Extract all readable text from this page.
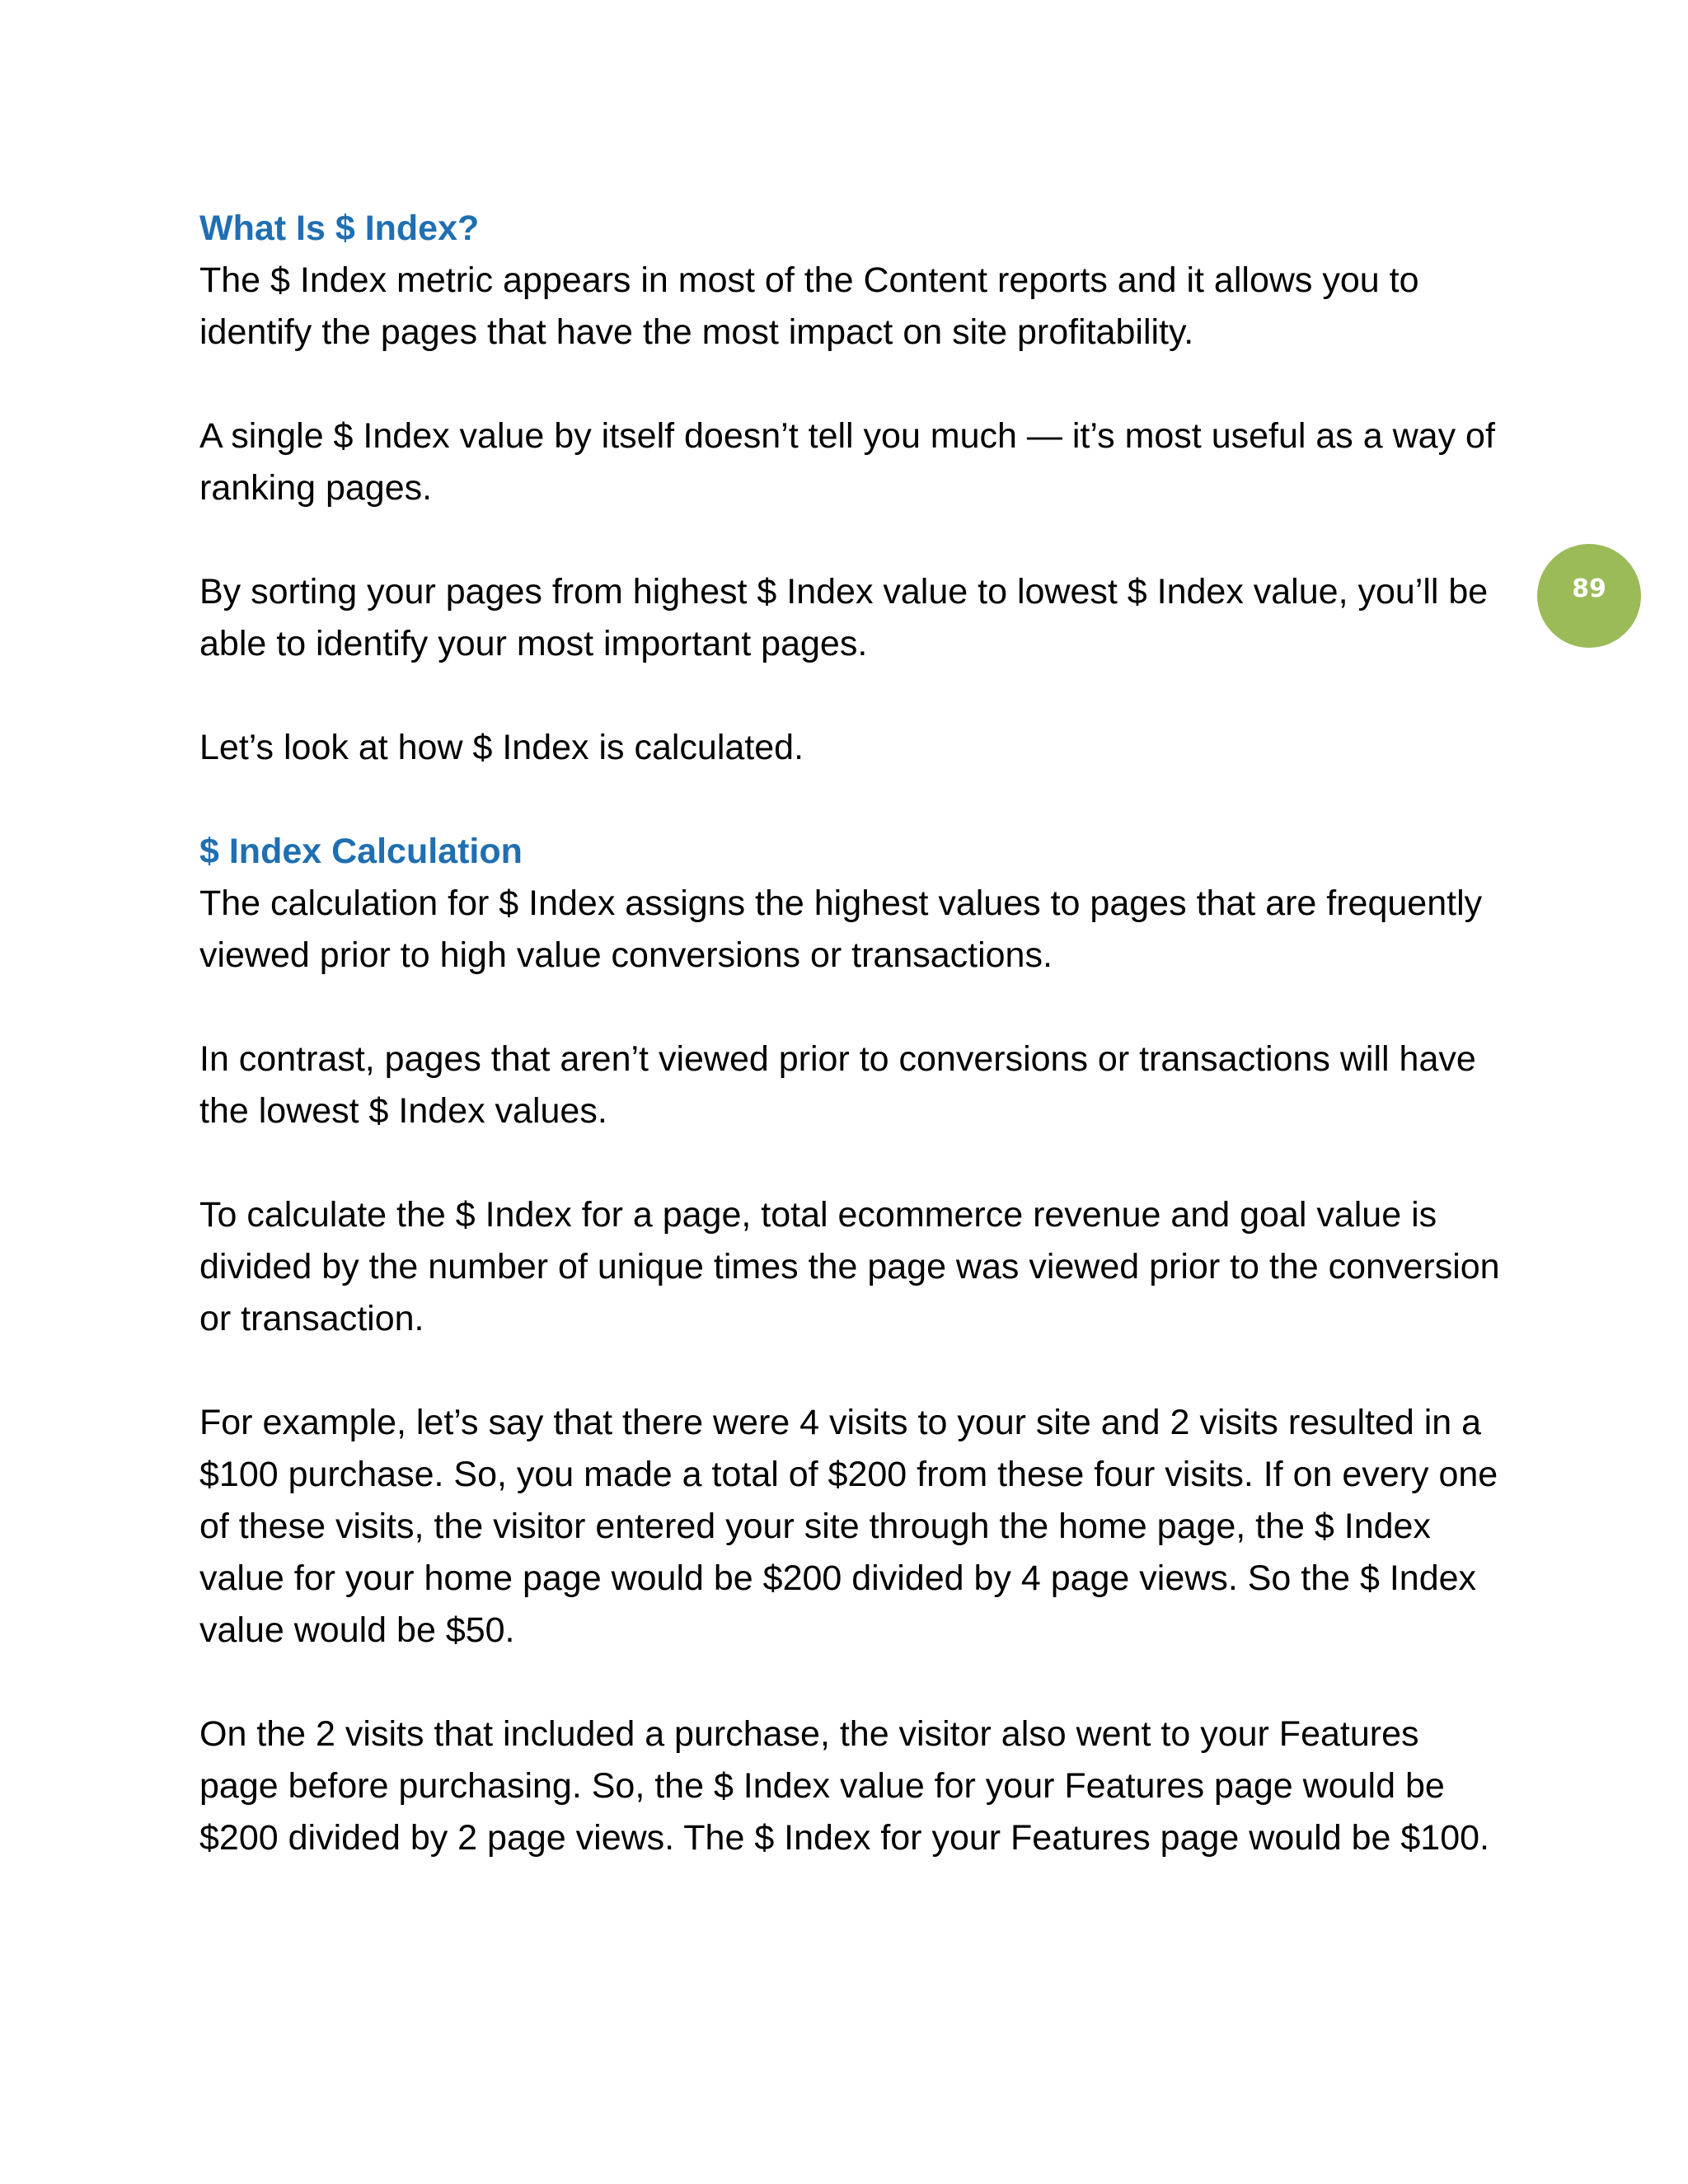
What Is $ Index?

The $ Index metric appears in most of the Content reports and it allows you to identify the pages that have the most impact on site profitability.

A single $ Index value by itself doesn’t tell you much — it’s most useful as a way of ranking pages.

By sorting your pages from highest $ Index value to lowest $ Index value, you’ll be able to identify your most important pages.

Let’s look at how $ Index is calculated.

$ Index Calculation

The calculation for $ Index assigns the highest values to pages that are frequently viewed prior to high value conversions or transactions.

In contrast, pages that aren’t viewed prior to conversions or transactions will have the lowest $ Index values.

To calculate the $ Index for a page, total ecommerce revenue and goal value is divided by the number of unique times the page was viewed prior to the conversion or transaction.

For example, let’s say that there were 4 visits to your site and 2 visits resulted in a $100 purchase. So, you made a total of $200 from these four visits. If on every one of these visits, the visitor entered your site through the home page, the $ Index value for your home page would be $200 divided by 4 page views. So the $ Index value would be $50.

On the 2 visits that included a purchase, the visitor also went to your Features page before purchasing. So, the $ Index value for your Features page would be $200 divided by 2 page views. The $ Index for your Features page would be $100.

89
